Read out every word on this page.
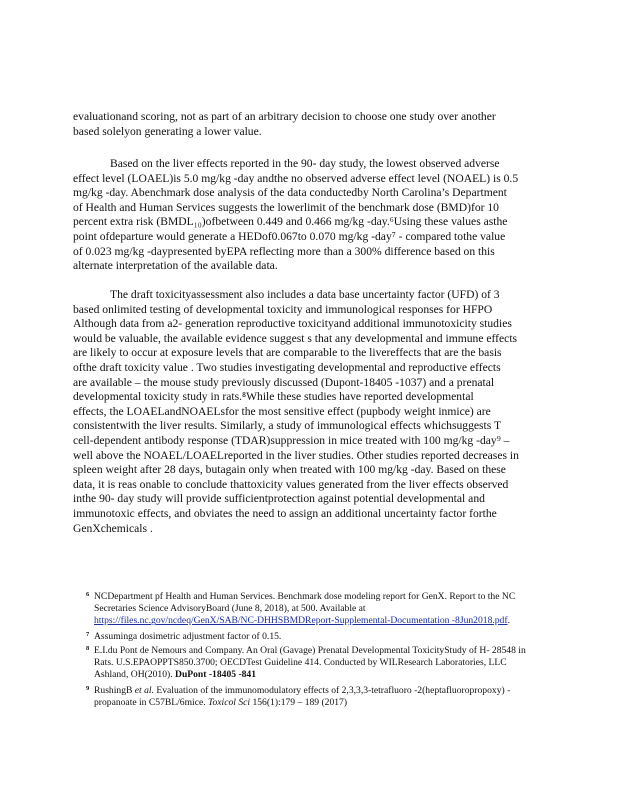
evaluationand scoring, not as part of an arbitrary decision to choose one study over another
based solelyon generating a lower value.
Based on the liver effects reported in the 90- day study, the lowest observed adverse
effect level (LOAEL)is 5.0 mg/kg -day andthe no observed adverse effect level (NOAEL) is 0.5
mg/kg -day. Abenchmark dose analysis of the data conductedby North Carolina’s Department
of Health and Human Services suggests the lowerlimit of the benchmark dose (BMD)for 10
percent extra risk (BMDL₁₀)ofbetween 0.449 and 0.466 mg/kg -day.⁶Using these values asthe
point ofdeparture would generate a HEDof0.067to 0.070 mg/kg -day⁷ - compared tothe value
of 0.023 mg/kg -daypresented byEPA reflecting more than a 300% difference based on this
alternate interpretation of the available data.
The draft toxicityassessment also includes a data base uncertainty factor (UFD) of 3
based onlimited testing of developmental toxicity and immunological responses for HFPO
Although data from a2- generation reproductive toxicityand additional immunotoxicity studies
would be valuable, the available evidence suggest s that any developmental and immune effects
are likely to occur at exposure levels that are comparable to the livereffects that are the basis
ofthe draft toxicity value . Two studies investigating developmental and reproductive effects
are available – the mouse study previously discussed (Dupont-18405 -1037) and a prenatal
developmental toxicity study in rats.⁸While these studies have reported developmental
effects, the LOAELandNOAELsfor the most sensitive effect (pupbody weight inmice) are
consistentwith the liver results. Similarly, a study of immunological effects whichsuggests T
cell-dependent antibody response (TDAR)suppression in mice treated with 100 mg/kg -day⁹ –
well above the NOAEL/LOAELreported in the liver studies. Other studies reported decreases in
spleen weight after 28 days, butagain only when treated with 100 mg/kg -day. Based on these
data, it is reas onable to conclude thattoxicity values generated from the liver effects observed
inthe 90- day study will provide sufficientprotection against potential developmental and
immunotoxic effects, and obviates the need to assign an additional uncertainty factor forthe
GenXchemicals .
6 NCDepartment pf Health and Human Services. Benchmark dose modeling report for GenX. Report to the NC
Secretaries Science AdvisoryBoard (June 8, 2018), at 500. Available at
https://files.nc.gov/ncdeq/GenX/SAB/NC-DHHSBMDReport-Supplemental-Documentation -8Jun2018.pdf.
7 Assuminga dosimetric adjustment factor of 0.15.
8 E.I.du Pont de Nemours and Company. An Oral (Gavage) Prenatal Developmental ToxicityStudy of H- 28548 in
Rats. U.S.EPAOPPTS850.3700; OECDTest Guideline 414. Conducted by WILResearch Laboratories, LLC
Ashland, OH(2010). DuPont -18405 -841
9 RushingB et al. Evaluation of the immunomodulatory effects of 2,3,3,3-tetrafluoro -2(heptafluoropropoxy) -
propanoate in C57BL/6mice. Toxicol Sci 156(1):179 – 189 (2017)
